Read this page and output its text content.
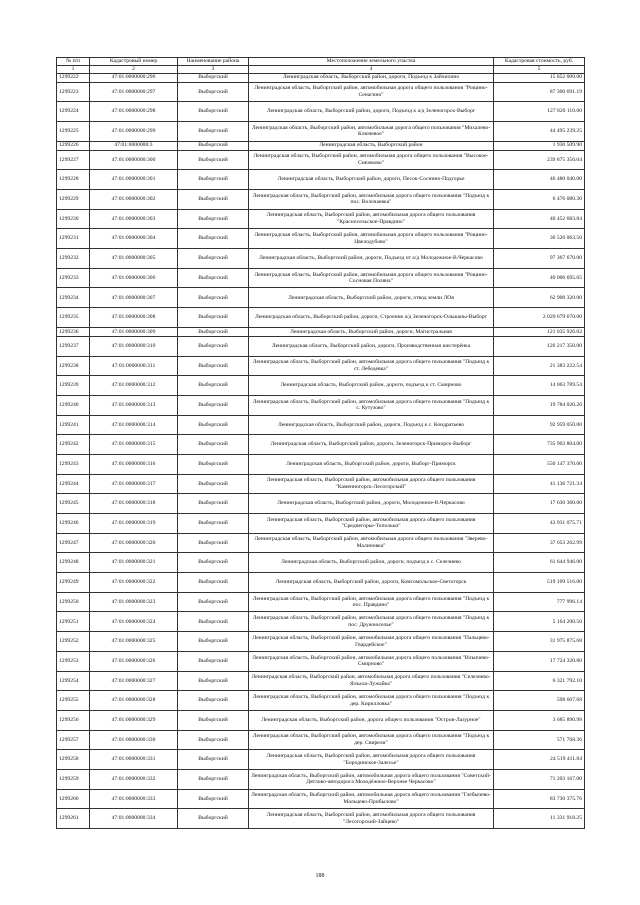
№ п/п	Кадастровый номер	Наименование района	Местоположение земельного участка	Кадастровая стоимость, руб.
1	2	3	4	5
1299222	47:01:0000000:296	Выборгский	Ленинградская область, Выборгский район, дороги, Подъезд к Зайчихино	15 852 000.00
1299223	47:01:0000000:297	Выборгский	Ленинградская область, Выборгский район, автомобильная дорога общего пользования "Рощино-Сенагино"	87 300 691.19
1299224	47:01:0000000:298	Выборгский	Ленинградская область, Выборгский район, дороги, Подъезд к а/д Зеленогорск-Выборг	127 820 110.00
1299225	47:01:0000000:299	Выборгский	Ленинградская область, Выборгский район, автомобильная дорога общего пользования "Михалево-Ключевое"	44 495 239.25
1299226	47:01:0000000:3	Выборгский	Ленинградская область, Выборгский район	1 930 509.90
1299227	47:01:0000000:300	Выборгский	Ленинградская область, Выборгский район, автомобильная дорога общего пользования "Высокое-Снежково"	239 875 356.04
1299228	47:01:0000000:301	Выборгский	Ленинградская область, Выборгский район, дороги, Песок-Соснино-Подгорье	46 480 040.00
1299229	47:01:0000000:302	Выборгский	Ленинградская область, Выборгский район, автомобильная дорога общего пользования "Подъезд к пос. Волочаевка"	6 476 080.30
1299230	47:01:0000000:303	Выборгский	Ленинградская область, Выборгский район, автомобильная дорога общего пользования "Красносельское-Правдино"	40 452 683.84
1299231	47:01:0000000:304	Выборгский	Ленинградская область, Выборгский район, автомобильная дорога общего пользования "Рощино-Цвелодубово"	36 526 063.50
1299232	47:01:0000000:305	Выборгский	Ленинградская область, Выборгский район, дороги, Подъезд от а/д Молодежное-В.Черкасово	97 367 670.00
1299233	47:01:0000000:306	Выборгский	Ленинградская область, Выборгский район, автомобильная дорога общего пользования "Рощино-Сосновая Поляна"	40 006 695.65
1299234	47:01:0000000:307	Выборгский	Ленинградская область, Выборгский район, дороги, отвод земли ЛОя	62 908 320.00
1299235	47:01:0000000:308	Выборгский	Ленинградская область, Выборгский район, дороги, Строение а/д Зеленогорск-Ольшаны-Выборг	2 020 679 670.00
1299236	47:01:0000000:309	Выборгский	Ленинградская область, Выборгский район, дороги, Магистральная	121 035 926.02
1299237	47:01:0000000:310	Выборгский	Ленинградская область, Выборгский район, дороги, Производственная шестерёнка	126 217 350.00
1299238	47:01:0000000:311	Выборгский	Ленинградская область, Выборгский район, автомобильная дорога общего пользования "Подъезд к ст. Лебедевка"	21 383 222.54
1299239	47:01:0000000:312	Выборгский	Ленинградская область, Выборгский район, дороги, подъезд к ст. Смирново	14 063 789.54
1299240	47:01:0000000:313	Выборгский	Ленинградская область, Выборгский район, автомобильная дорога общего пользования "Подъезд к с. Кутузово"	19 784 020.26
1299241	47:01:0000000:314	Выборгский	Ленинградская область, Выборгский район, дороги, Подъезд к с. Кондратьево	92 959 050.00
1299242	47:01:0000000:315	Выборгский	Ленинградская область, Выборгский район, дороги, Зеленогорск-Приморск-Выборг	735 903 804.00
1299243	47:01:0000000:316	Выборгский	Ленинградская область, Выборгский район, дороги, Выборг-Приморск	550 147 370.00
1299244	47:01:0000000:317	Выборгский	Ленинградская область, Выборгский район, автомобильная дорога общего пользования "Каменногорск-Лесогорский"	41 136 721.34
1299245	47:01:0000000:318	Выборгский	Ленинградская область, Выборгский район, дороги, Молодежное-В.Черкасово	17 630 360.00
1299246	47:01:0000000:319	Выборгский	Ленинградская область, Выборгский район, автомобильная дорога общего пользования "Среднегорье-Топольки"	43 931 075.71
1299247	47:01:0000000:320	Выборгский	Ленинградская область, Выборгский район, автомобильная дорога общего пользования "Зверево-Малиновка"	37 653 262.99
1299248	47:01:0000000:321	Выборгский	Ленинградская область, Выборгский район, дороги, подъезд к с. Селезнево	61 644 946.00
1299249	47:01:0000000:322	Выборгский	Ленинградская область, Выборгский район, дороги, Комсомольское-Светогорск	519 109 516.00
1299250	47:01:0000000:323	Выборгский	Ленинградская область, Выборгский район, автомобильная дорога общего пользования "Подъезд к пос. Правдино"	777 996.14
1299251	47:01:0000000:324	Выборгский	Ленинградская область, Выборгский район, автомобильная дорога общего пользования "Подъезд к пос. Дружноселье"	5 164 200.50
1299252	47:01:0000000:325	Выборгский	Ленинградская область, Выборгский район, автомобильная дорога общего пользования "Пальцево-Гвардейское"	31 975 875.68
1299253	47:01:0000000:326	Выборгский	Ленинградская область, Выборгский район, автомобильная дорога общего пользования "Ильичево-Смирново"	17 724 320.80
1299254	47:01:0000000:327	Выборгский	Ленинградская область, Выборгский район, автомобильная дорога общего пользования "Селезнево-Ялкала-Лужайка"	6 321 792.10
1299255	47:01:0000000:328	Выборгский	Ленинградская область, Выборгский район, автомобильная дорога общего пользования "Подъезд к дер. Кирилловка"	598 607.68
1299256	47:01:0000000:329	Выборгский	Ленинградская область, Выборгский район, дорога общего пользования "Остров-Лазурное"	3 685 890.98
1299257	47:01:0000000:330	Выборгский	Ленинградская область, Выборгский район, автомобильная дорога общего пользования "Подъезд к дер. Свирели"	571 768.36
1299258	47:01:0000000:331	Выборгский	Ленинградская область, Выборгский район, автомобильная дорога общего пользования "Бородинское-Залесье"	24 519 411.84
1299259	47:01:0000000:332	Выборгский	Ленинградская область, Выборгский район, автомобильная дорога общего пользования "Советский-Дятлово-автодорога Молодёжное-Верхнее Черкасово"	71 203 167.00
1299260	47:01:0000000:333	Выборгский	Ленинградская область, Выборгский район, автомобильная дорога общего пользования "Глебычево-Мальцево-Прибылово"	83 730 375.76
1299261	47:01:0000000:334	Выборгский	Ленинградская область, Выборгский район, автомобильная дорога общего пользования "Лесогорский-Зайцево"	11 331 918.25
188
